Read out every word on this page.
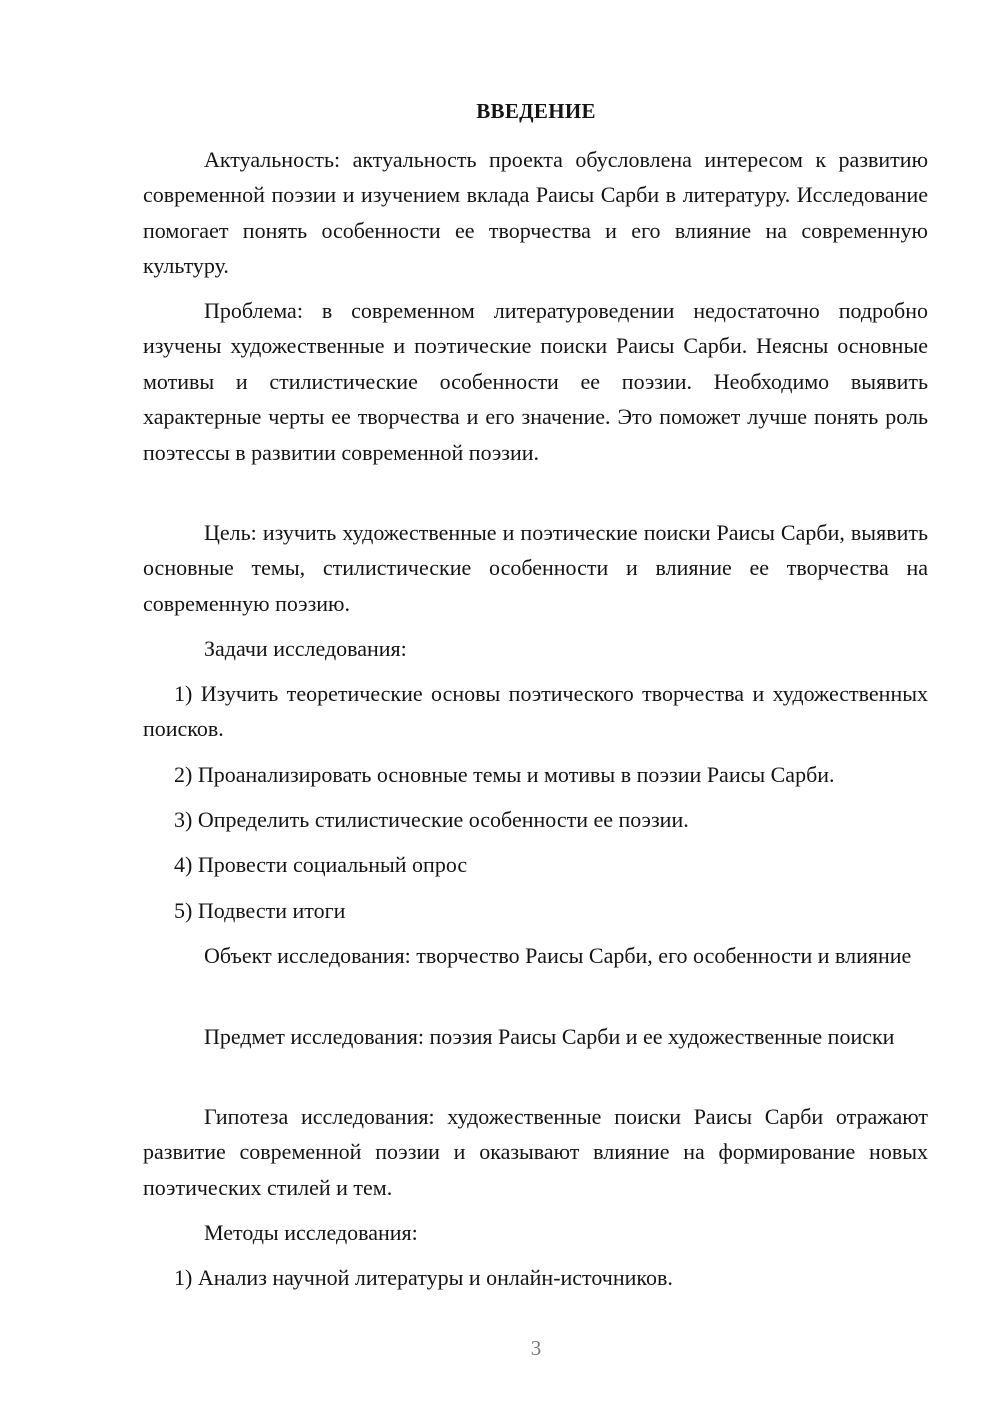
ВВЕДЕНИЕ

Актуальность: актуальность проекта обусловлена интересом к развитию современной поэзии и изучением вклада Раисы Сарби в литературу. Исследование помогает понять особенности ее творчества и его влияние на современную культуру.

Проблема: в современном литературоведении недостаточно подробно изучены художественные и поэтические поиски Раисы Сарби. Неясны основные мотивы и стилистические особенности ее поэзии. Необходимо выявить характерные черты ее творчества и его значение. Это поможет лучше понять роль поэтессы в развитии современной поэзии.

Цель: изучить художественные и поэтические поиски Раисы Сарби, выявить основные темы, стилистические особенности и влияние ее творчества на современную поэзию.

Задачи исследования:

1) Изучить теоретические основы поэтического творчества и художественных поисков.

2) Проанализировать основные темы и мотивы в поэзии Раисы Сарби.

3) Определить стилистические особенности ее поэзии.

4) Провести социальный опрос

5) Подвести итоги

Объект исследования: творчество Раисы Сарби, его особенности и влияние

Предмет исследования: поэзия Раисы Сарби и ее художественные поиски

Гипотеза исследования: художественные поиски Раисы Сарби отражают развитие современной поэзии и оказывают влияние на формирование новых поэтических стилей и тем.

Методы исследования:

1) Анализ научной литературы и онлайн-источников.

3
